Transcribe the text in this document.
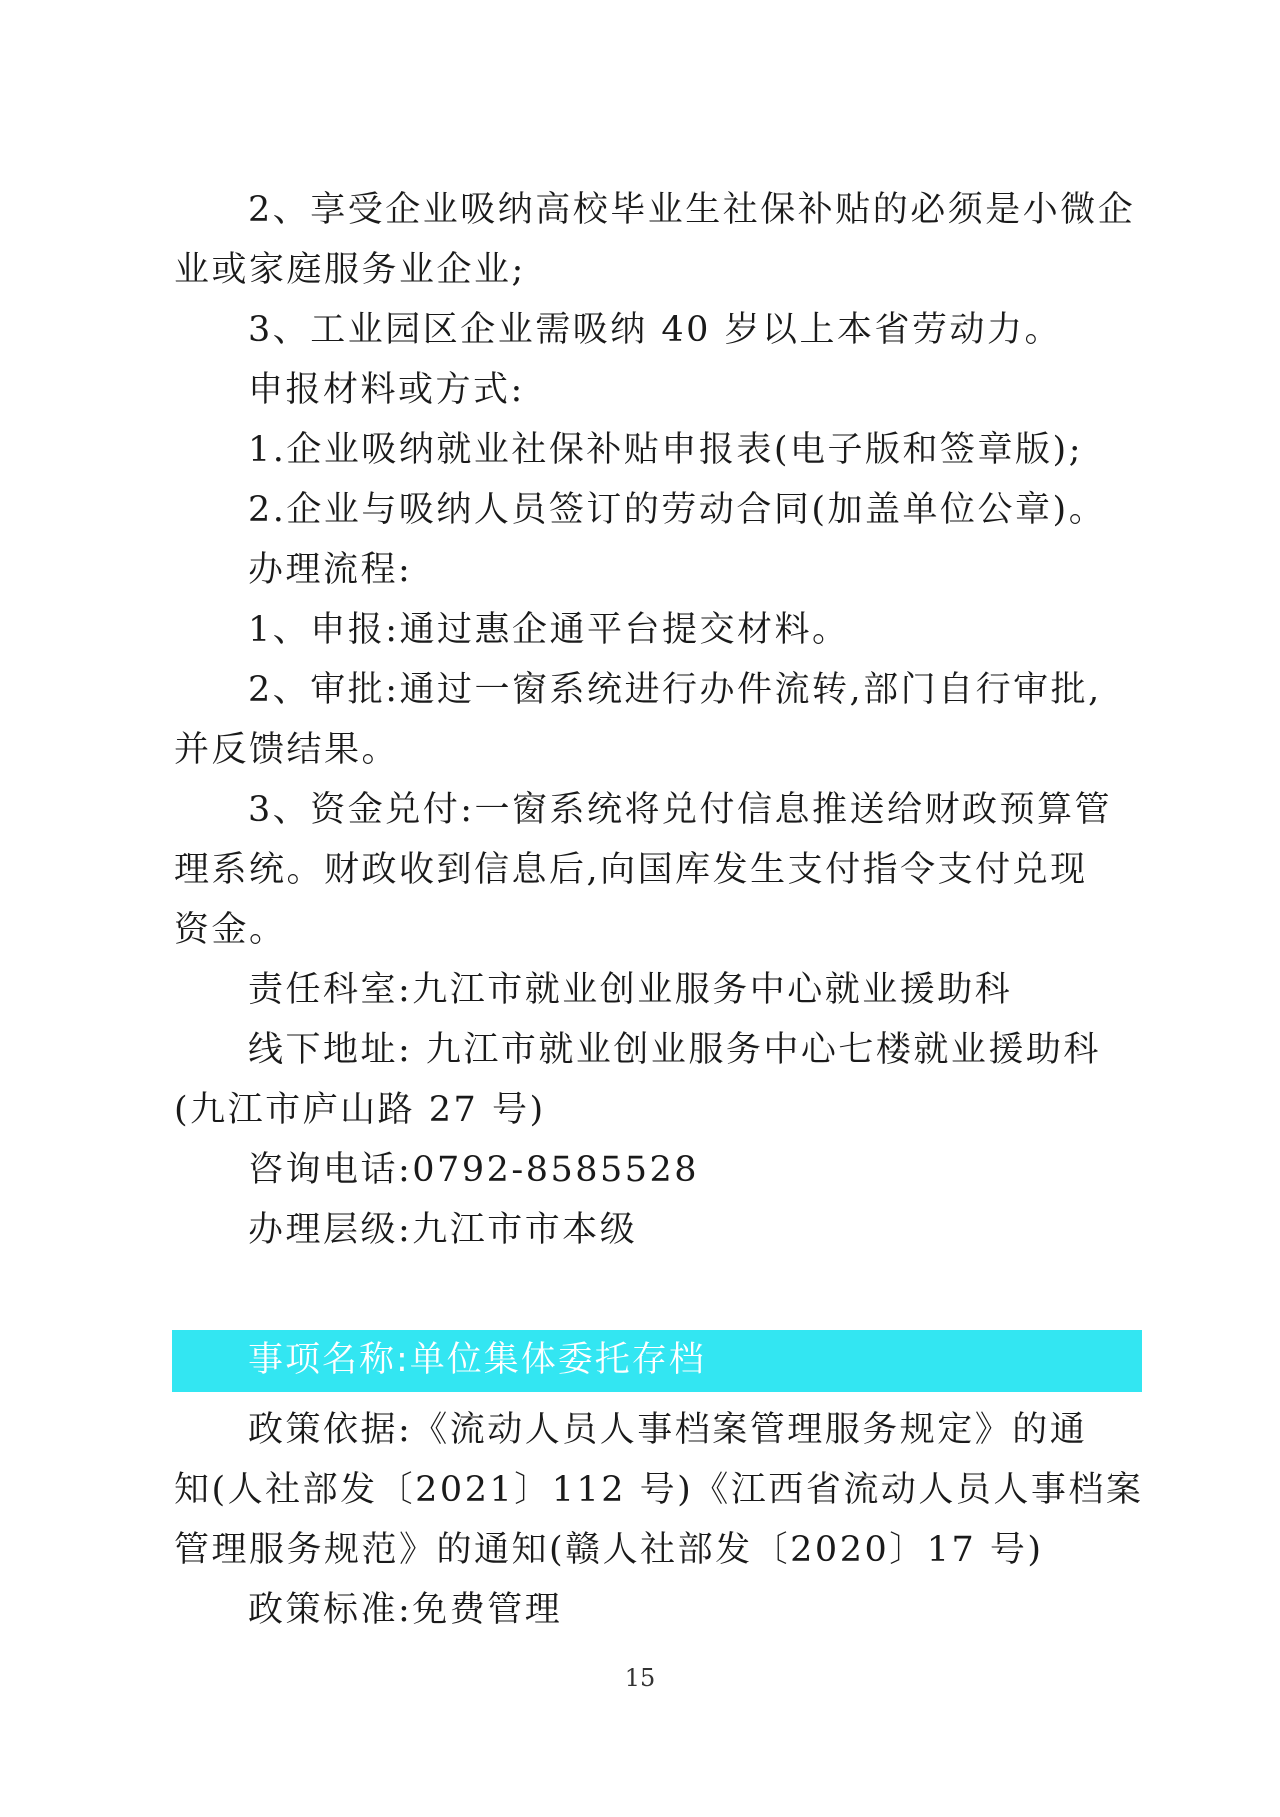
2、享受企业吸纳高校毕业生社保补贴的必须是小微企
业或家庭服务业企业;
3、工业园区企业需吸纳 40 岁以上本省劳动力。
申报材料或方式:
1.企业吸纳就业社保补贴申报表(电子版和签章版);
2.企业与吸纳人员签订的劳动合同(加盖单位公章)。
办理流程:
1、申报:通过惠企通平台提交材料。
2、审批:通过一窗系统进行办件流转,部门自行审批,
并反馈结果。
3、资金兑付:一窗系统将兑付信息推送给财政预算管
理系统。财政收到信息后,向国库发生支付指令支付兑现
资金。
责任科室:九江市就业创业服务中心就业援助科
线下地址: 九江市就业创业服务中心七楼就业援助科
(九江市庐山路 27 号)
咨询电话:0792-8585528
办理层级:九江市市本级
事项名称:单位集体委托存档
政策依据:《流动人员人事档案管理服务规定》的通
知(人社部发〔2021〕112 号)《江西省流动人员人事档案
管理服务规范》的通知(赣人社部发〔2020〕17 号)
政策标准:免费管理
15
